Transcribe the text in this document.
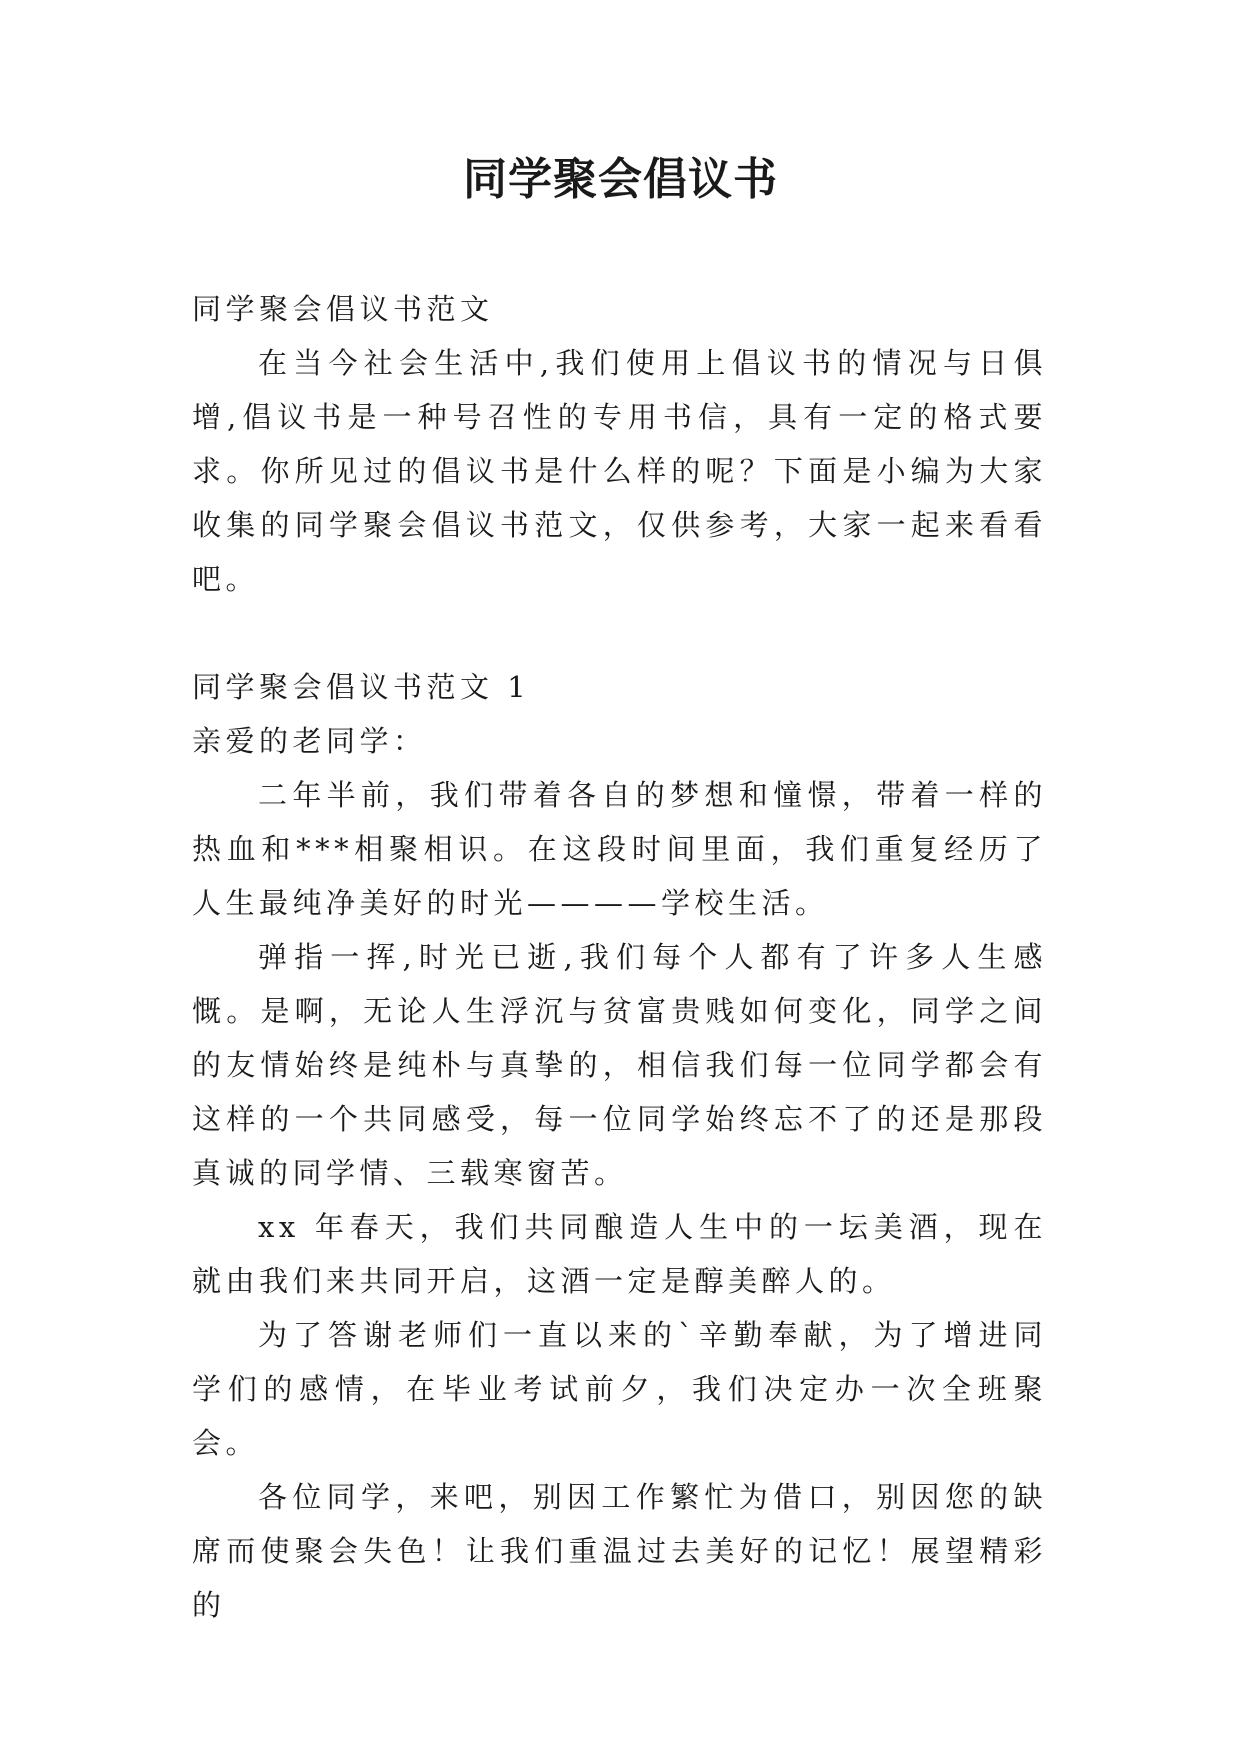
同学聚会倡议书

同学聚会倡议书范文

在当今社会生活中,我们使用上倡议书的情况与日俱增,倡议书是一种号召性的专用书信，具有一定的格式要求。你所见过的倡议书是什么样的呢？下面是小编为大家收集的同学聚会倡议书范文，仅供参考，大家一起来看看吧。

同学聚会倡议书范文 1

亲爱的老同学：

二年半前，我们带着各自的梦想和憧憬，带着一样的热血和***相聚相识。在这段时间里面，我们重复经历了人生最纯净美好的时光————学校生活。

弹指一挥,时光已逝,我们每个人都有了许多人生感慨。是啊，无论人生浮沉与贫富贵贱如何变化，同学之间的友情始终是纯朴与真挚的，相信我们每一位同学都会有这样的一个共同感受，每一位同学始终忘不了的还是那段真诚的同学情、三载寒窗苦。

xx 年春天，我们共同酿造人生中的一坛美酒，现在就由我们来共同开启，这酒一定是醇美醉人的。

为了答谢老师们一直以来的`辛勤奉献，为了增进同学们的感情，在毕业考试前夕，我们决定办一次全班聚会。

各位同学，来吧，别因工作繁忙为借口，别因您的缺席而使聚会失色！让我们重温过去美好的记忆！展望精彩的
